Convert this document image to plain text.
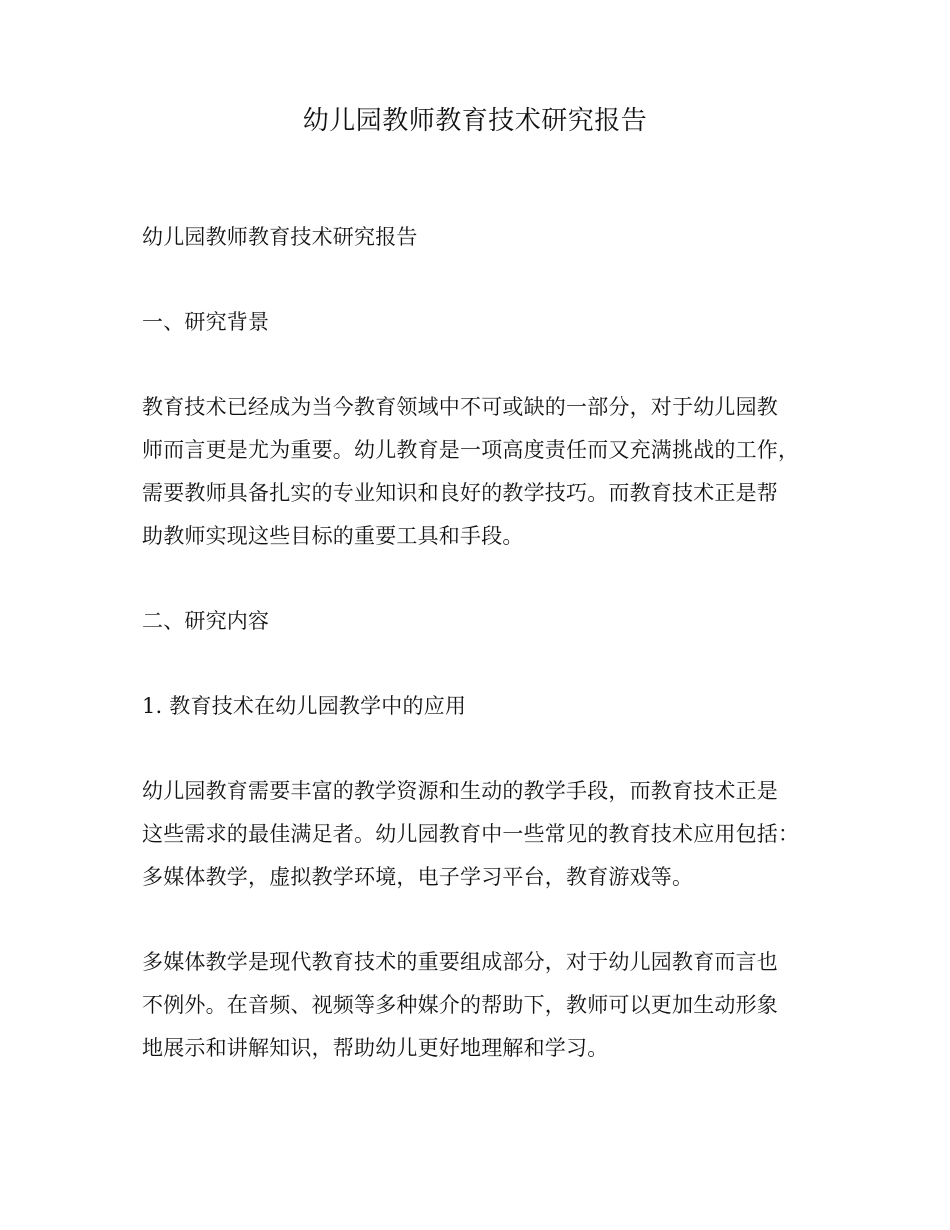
幼儿园教师教育技术研究报告
幼儿园教师教育技术研究报告
一、研究背景
教育技术已经成为当今教育领域中不可或缺的一部分，对于幼儿园教
师而言更是尤为重要。幼儿教育是一项高度责任而又充满挑战的工作，
需要教师具备扎实的专业知识和良好的教学技巧。而教育技术正是帮
助教师实现这些目标的重要工具和手段。
二、研究内容
1. 教育技术在幼儿园教学中的应用
幼儿园教育需要丰富的教学资源和生动的教学手段，而教育技术正是
这些需求的最佳满足者。幼儿园教育中一些常见的教育技术应用包括：
多媒体教学，虚拟教学环境，电子学习平台，教育游戏等。
多媒体教学是现代教育技术的重要组成部分，对于幼儿园教育而言也
不例外。在音频、视频等多种媒介的帮助下，教师可以更加生动形象
地展示和讲解知识，帮助幼儿更好地理解和学习。
